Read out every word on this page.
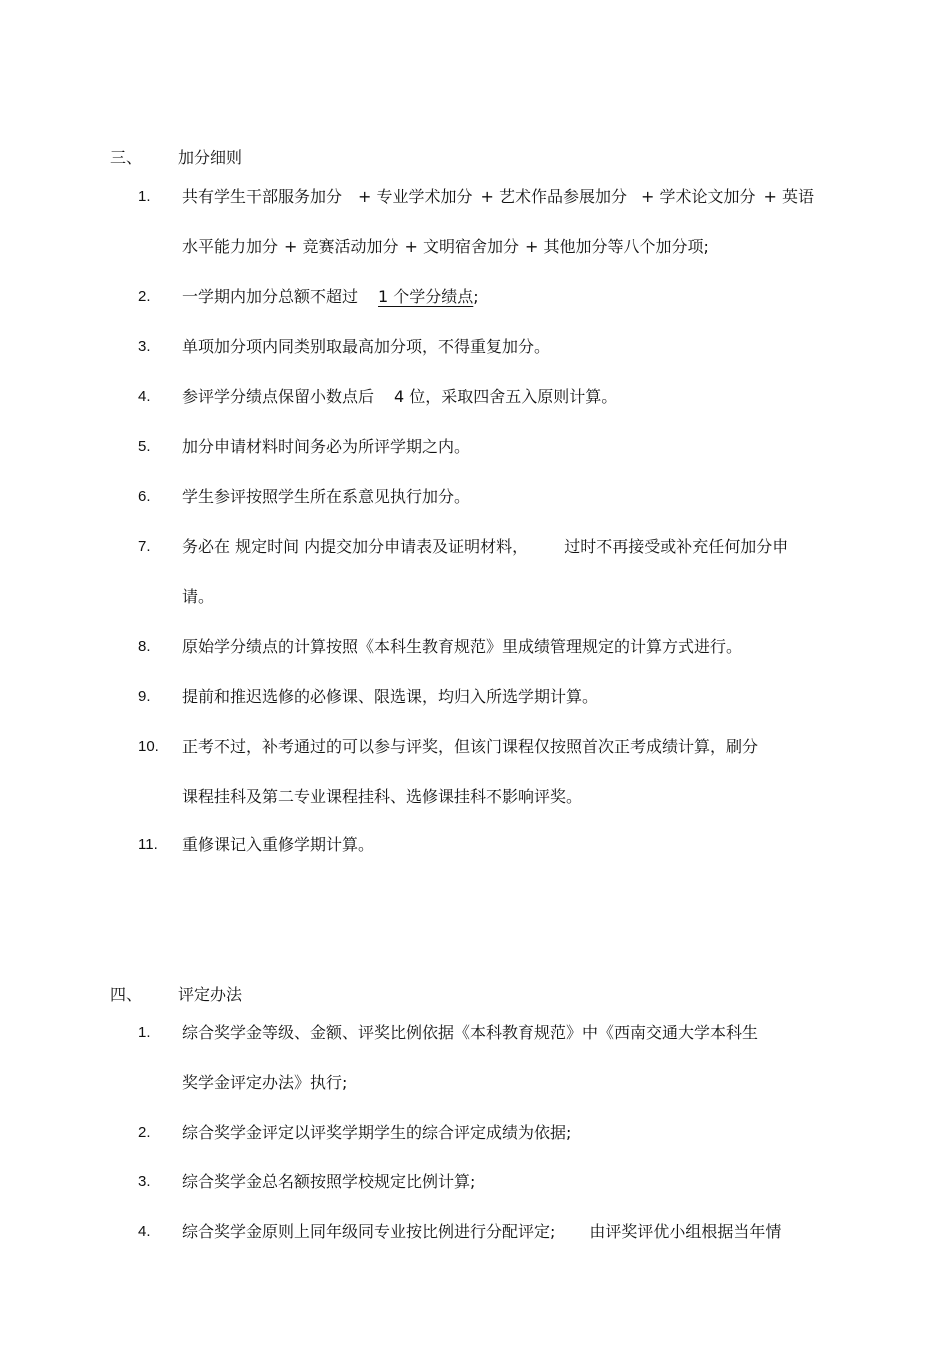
三、 加分细则
1. 共有学生干部服务加分 + 专业学术加分 + 艺术作品参展加分 + 学术论文加分 + 英语
水平能力加分 + 竞赛活动加分 + 文明宿舍加分 + 其他加分等八个加分项;
2. 一学期内加分总额不超过 1 个学分绩点;
3. 单项加分项内同类别取最高加分项，不得重复加分。
4. 参评学分绩点保留小数点后 4 位，采取四舍五入原则计算。
5. 加分申请材料时间务必为所评学期之内。
6. 学生参评按照学生所在系意见执行加分。
7. 务必在 规定时间 内提交加分申请表及证明材料， 过时不再接受或补充任何加分申
请。
8. 原始学分绩点的计算按照《本科生教育规范》里成绩管理规定的计算方式进行。
9. 提前和推迟选修的必修课、限选课，均归入所选学期计算。
10. 正考不过，补考通过的可以参与评奖，但该门课程仅按照首次正考成绩计算，刷分
课程挂科及第二专业课程挂科、选修课挂科不影响评奖。
11. 重修课记入重修学期计算。
四、 评定办法
1. 综合奖学金等级、金额、评奖比例依据《本科教育规范》中《西南交通大学本科生
奖学金评定办法》执行;
2. 综合奖学金评定以评奖学期学生的综合评定成绩为依据;
3. 综合奖学金总名额按照学校规定比例计算;
4. 综合奖学金原则上同年级同专业按比例进行分配评定; 由评奖评优小组根据当年情
